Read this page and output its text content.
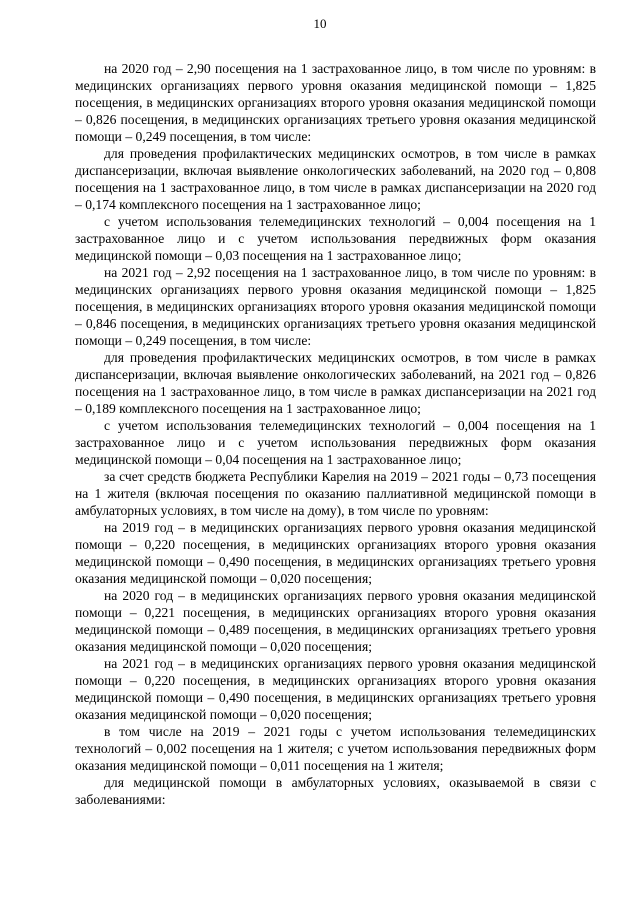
10

на 2020 год – 2,90 посещения на 1 застрахованное лицо, в том числе по уровням: в медицинских организациях первого уровня оказания медицинской помощи – 1,825 посещения, в медицинских организациях второго уровня оказания медицинской помощи – 0,826 посещения, в медицинских организациях третьего уровня оказания медицинской помощи – 0,249 посещения, в том числе:

для проведения профилактических медицинских осмотров, в том числе в рамках диспансеризации, включая выявление онкологических заболеваний, на 2020 год – 0,808 посещения на 1 застрахованное лицо, в том числе в рамках диспансеризации на 2020 год – 0,174 комплексного посещения на 1 застрахованное лицо;

с учетом использования телемедицинских технологий – 0,004 посещения на 1 застрахованное лицо и с учетом использования передвижных форм оказания медицинской помощи – 0,03 посещения на 1 застрахованное лицо;

на 2021 год – 2,92 посещения на 1 застрахованное лицо, в том числе по уровням: в медицинских организациях первого уровня оказания медицинской помощи – 1,825 посещения, в медицинских организациях второго уровня оказания медицинской помощи – 0,846 посещения, в медицинских организациях третьего уровня оказания медицинской помощи – 0,249 посещения, в том числе:

для проведения профилактических медицинских осмотров, в том числе в рамках диспансеризации, включая выявление онкологических заболеваний, на 2021 год – 0,826 посещения на 1 застрахованное лицо, в том числе в рамках диспансеризации на 2021 год – 0,189 комплексного посещения на 1 застрахованное лицо;

с учетом использования телемедицинских технологий – 0,004 посещения на 1 застрахованное лицо и с учетом использования передвижных форм оказания медицинской помощи – 0,04 посещения на 1 застрахованное лицо;

за счет средств бюджета Республики Карелия на 2019 – 2021 годы – 0,73 посещения на 1 жителя (включая посещения по оказанию паллиативной медицинской помощи в амбулаторных условиях, в том числе на дому), в том числе по уровням:

на 2019 год – в медицинских организациях первого уровня оказания медицинской помощи – 0,220 посещения, в медицинских организациях второго уровня оказания медицинской помощи – 0,490 посещения, в медицинских организациях третьего уровня оказания медицинской помощи – 0,020 посещения;

на 2020 год – в медицинских организациях первого уровня оказания медицинской помощи – 0,221 посещения, в медицинских организациях второго уровня оказания медицинской помощи – 0,489 посещения, в медицинских организациях третьего уровня оказания медицинской помощи – 0,020 посещения;

на 2021 год – в медицинских организациях первого уровня оказания медицинской помощи – 0,220 посещения, в медицинских организациях второго уровня оказания медицинской помощи – 0,490 посещения, в медицинских организациях третьего уровня оказания медицинской помощи – 0,020 посещения;

в том числе на 2019 – 2021 годы с учетом использования телемедицинских технологий – 0,002 посещения на 1 жителя; с учетом использования передвижных форм оказания медицинской помощи – 0,011 посещения на 1 жителя;

для медицинской помощи в амбулаторных условиях, оказываемой в связи с заболеваниями:
